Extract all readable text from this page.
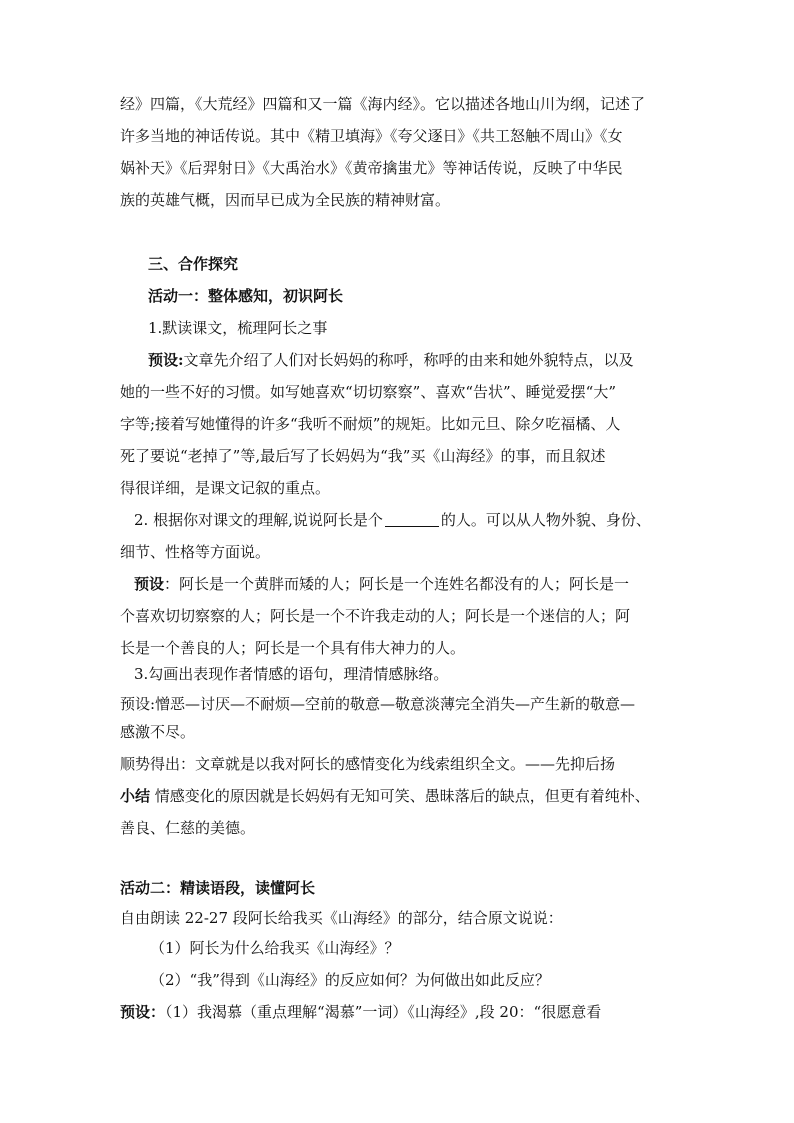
经》四篇，《大荒经》四篇和又一篇《海内经》。它以描述各地山川为纲，记述了
许多当地的神话传说。其中《精卫填海》《夸父逐日》《共工怒触不周山》《女
娲补天》《后羿射日》《大禹治水》《黄帝擒蚩尤》等神话传说，反映了中华民
族的英雄气概，因而早已成为全民族的精神财富。
三、合作探究
活动一：整体感知，初识阿长
1.默读课文，梳理阿长之事
预设:文章先介绍了人们对长妈妈的称呼，称呼的由来和她外貌特点，以及
她的一些不好的习惯。如写她喜欢“切切察察”、喜欢“告状”、睡觉爱摆“大”
字等;接着写她懂得的许多“我听不耐烦”的规矩。比如元旦、除夕吃福橘、人
死了要说“老掉了”等,最后写了长妈妈为“我”买《山海经》的事，而且叙述
得很详细，是课文记叙的重点。
2. 根据你对课文的理解,说说阿长是个	的人。可以从人物外貌、身份、
细节、性格等方面说。
预设：阿长是一个黄胖而矮的人；阿长是一个连姓名都没有的人；阿长是一
个喜欢切切察察的人；阿长是一个不许我走动的人；阿长是一个迷信的人；阿
长是一个善良的人；阿长是一个具有伟大神力的人。
3.勾画出表现作者情感的语句，理清情感脉络。
预设:憎恶—讨厌—不耐烦—空前的敬意—敬意淡薄完全消失—产生新的敬意—
感激不尽。
顺势得出：文章就是以我对阿长的感情变化为线索组织全文。——先抑后扬
小结 情感变化的原因就是长妈妈有无知可笑、愚昧落后的缺点，但更有着纯朴、
善良、仁慈的美德。
活动二：精读语段，读懂阿长
自由朗读 22-27 段阿长给我买《山海经》的部分，结合原文说说：
（1）阿长为什么给我买《山海经》？
（2）“我”得到《山海经》的反应如何？为何做出如此反应？
预设：（1）我渴慕（重点理解“渴慕”一词）《山海经》,段 20：“很愿意看
